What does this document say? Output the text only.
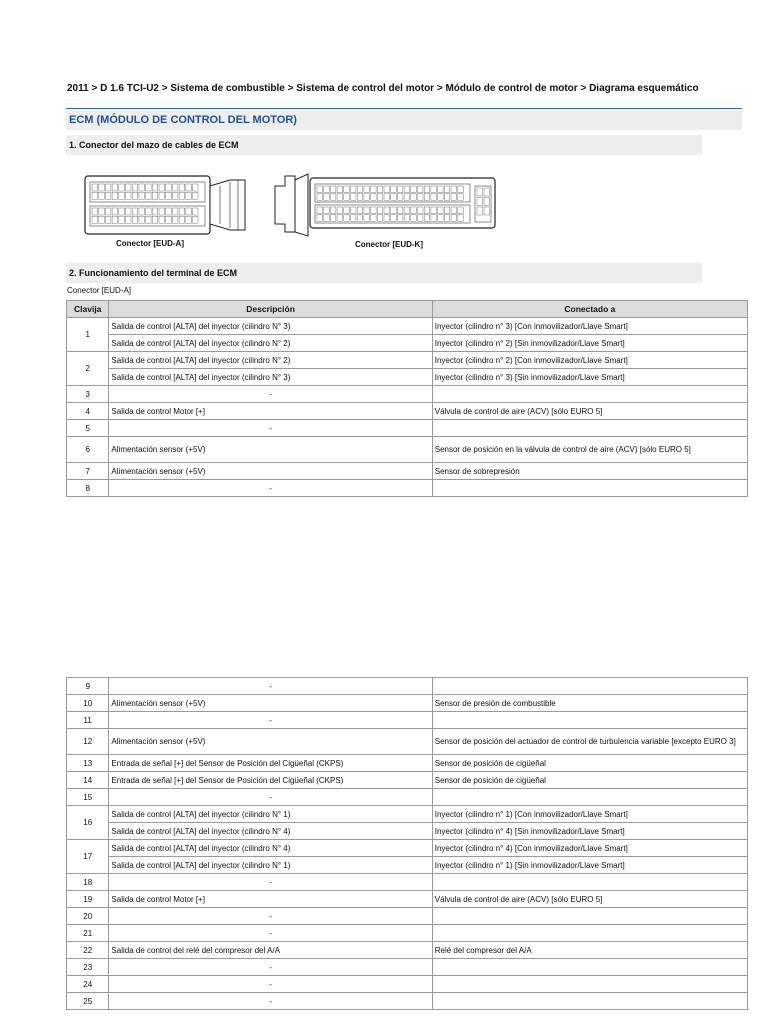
2011 > D 1.6 TCI-U2 > Sistema de combustible > Sistema de control del motor > Módulo de control de motor > Diagrama esquemático
ECM (MÓDULO DE CONTROL DEL MOTOR)
1. Conector del mazo de cables de ECM
Conector [EUD-A]	Conector [EUD-K]
2. Funcionamiento del terminal de ECM
Conector [EUD-A]
Clavija	Descripción	Conectado a
1	Salida de control [ALTA] del inyector (cilindro N° 3)	Inyector (cilindro n° 3) [Con inmovilizador/Llave Smart]
	Salida de control [ALTA] del inyector (cilindro N° 2)	Inyector (cilindro n° 2) [Sin inmovilizador/Llave Smart]
2	Salida de control [ALTA] del inyector (cilindro N° 2)	Inyector (cilindro n° 2) [Con inmovilizador/Llave Smart]
	Salida de control [ALTA] del inyector (cilindro N° 3)	Inyector (cilindro n° 3) [Sin inmovilizador/Llave Smart]
3	-	
4	Salida de control Motor [+]	Válvula de control de aire (ACV) [sólo EURO 5]
5	-	
6	Alimentación sensor (+5V)	Sensor de posición en la válvula de control de aire (ACV) [sólo EURO 5]
7	Alimentación sensor (+5V)	Sensor de sobrepresión
8	-	
9	-	
10	Alimentación sensor (+5V)	Sensor de presión de combustible
11	-	
12	Alimentación sensor (+5V)	Sensor de posición del actuador de control de turbulencia variable [excepto EURO 3]
13	Entrada de señal [+] del Sensor de Posición del Cigüeñal (CKPS)	Sensor de posición de cigüeñal
14	Entrada de señal [+] del Sensor de Posición del Cigüeñal (CKPS)	Sensor de posición de cigüeñal
15	-	
16	Salida de control [ALTA] del inyector (cilindro N° 1)	Inyector (cilindro n° 1) [Con inmovilizador/Llave Smart]
	Salida de control [ALTA] del inyector (cilindro N° 4)	Inyector (cilindro n° 4) [Sin inmovilizador/Llave Smart]
17	Salida de control [ALTA] del inyector (cilindro N° 4)	Inyector (cilindro n° 4) [Con inmovilizador/Llave Smart]
	Salida de control [ALTA] del inyector (cilindro N° 1)	Inyector (cilindro n° 1) [Sin inmovilizador/Llave Smart]
18	-	
19	Salida de control Motor [+]	Válvula de control de aire (ACV) [sólo EURO 5]
20	-	
21	-	
22	Salida de control del relé del compresor del A/A	Relé del compresor del A/A
23	-	
24	-	
25	-	
